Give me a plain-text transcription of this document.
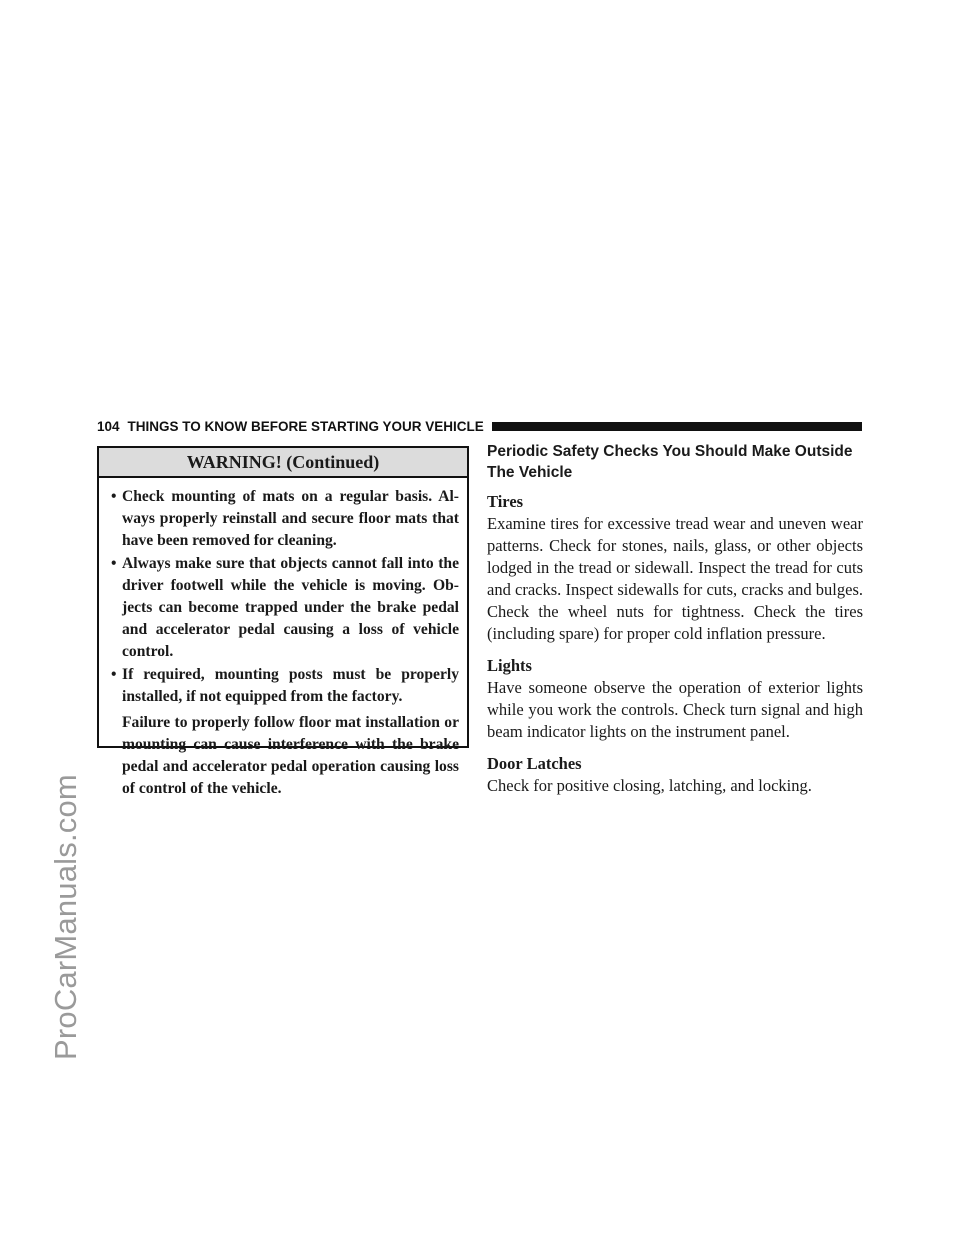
ProCarManuals.com
104 THINGS TO KNOW BEFORE STARTING YOUR VEHICLE
WARNING! (Continued)
• Check mounting of mats on a regular basis. Al- ways properly reinstall and secure floor mats that have been removed for cleaning.
• Always make sure that objects cannot fall into the driver footwell while the vehicle is moving. Ob- jects can become trapped under the brake pedal and accelerator pedal causing a loss of vehicle control.
• If required, mounting posts must be properly installed, if not equipped from the factory.

Failure to properly follow floor mat installation or mounting can cause interference with the brake pedal and accelerator pedal operation causing loss of control of the vehicle.

Periodic Safety Checks You Should Make Outside The Vehicle
Tires

Examine tires for excessive tread wear and uneven wear patterns. Check for stones, nails, glass, or other objects lodged in the tread or sidewall. Inspect the tread for cuts and cracks. Inspect sidewalls for cuts, cracks and bulges. Check the wheel nuts for tightness. Check the tires (including spare) for proper cold inflation pressure.

Lights

Have someone observe the operation of exterior lights while you work the controls. Check turn signal and high beam indicator lights on the instrument panel.

Door Latches

Check for positive closing, latching, and locking.
